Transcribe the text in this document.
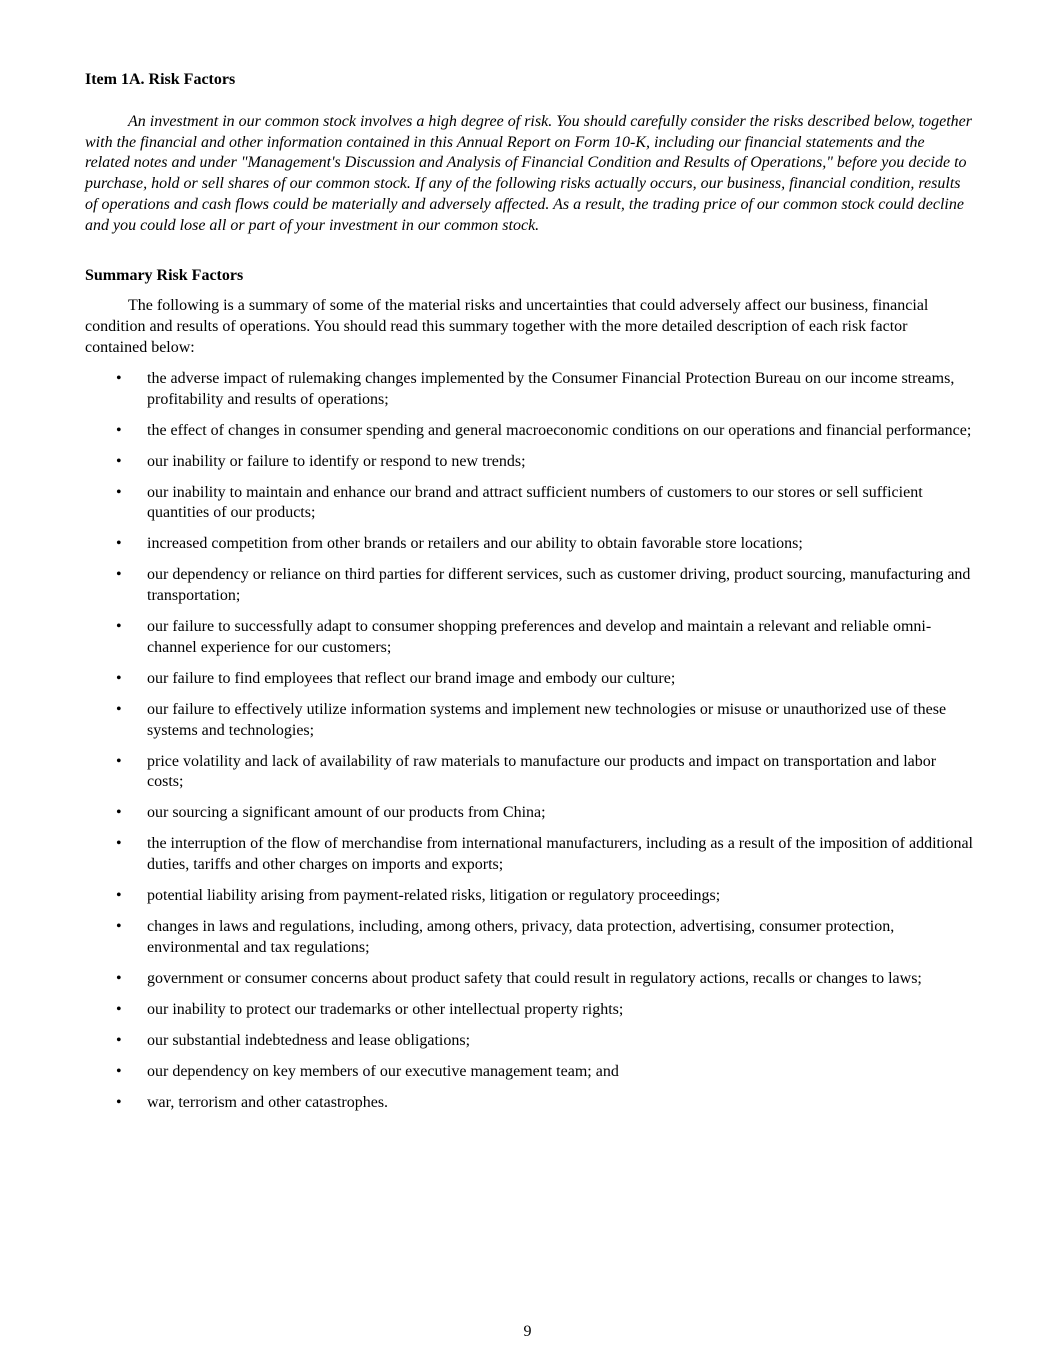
Item 1A. Risk Factors

An investment in our common stock involves a high degree of risk. You should carefully consider the risks described below, together with the financial and other information contained in this Annual Report on Form 10-K, including our financial statements and the related notes and under "Management's Discussion and Analysis of Financial Condition and Results of Operations," before you decide to purchase, hold or sell shares of our common stock. If any of the following risks actually occurs, our business, financial condition, results of operations and cash flows could be materially and adversely affected. As a result, the trading price of our common stock could decline and you could lose all or part of your investment in our common stock.

Summary Risk Factors

The following is a summary of some of the material risks and uncertainties that could adversely affect our business, financial condition and results of operations. You should read this summary together with the more detailed description of each risk factor contained below:

• the adverse impact of rulemaking changes implemented by the Consumer Financial Protection Bureau on our income streams, profitability and results of operations;
• the effect of changes in consumer spending and general macroeconomic conditions on our operations and financial performance;
• our inability or failure to identify or respond to new trends;
• our inability to maintain and enhance our brand and attract sufficient numbers of customers to our stores or sell sufficient quantities of our products;
• increased competition from other brands or retailers and our ability to obtain favorable store locations;
• our dependency or reliance on third parties for different services, such as customer driving, product sourcing, manufacturing and transportation;
• our failure to successfully adapt to consumer shopping preferences and develop and maintain a relevant and reliable omni-channel experience for our customers;
• our failure to find employees that reflect our brand image and embody our culture;
• our failure to effectively utilize information systems and implement new technologies or misuse or unauthorized use of these systems and technologies;
• price volatility and lack of availability of raw materials to manufacture our products and impact on transportation and labor costs;
• our sourcing a significant amount of our products from China;
• the interruption of the flow of merchandise from international manufacturers, including as a result of the imposition of additional duties, tariffs and other charges on imports and exports;
• potential liability arising from payment-related risks, litigation or regulatory proceedings;
• changes in laws and regulations, including, among others, privacy, data protection, advertising, consumer protection, environmental and tax regulations;
• government or consumer concerns about product safety that could result in regulatory actions, recalls or changes to laws;
• our inability to protect our trademarks or other intellectual property rights;
• our substantial indebtedness and lease obligations;
• our dependency on key members of our executive management team; and
• war, terrorism and other catastrophes.
9
